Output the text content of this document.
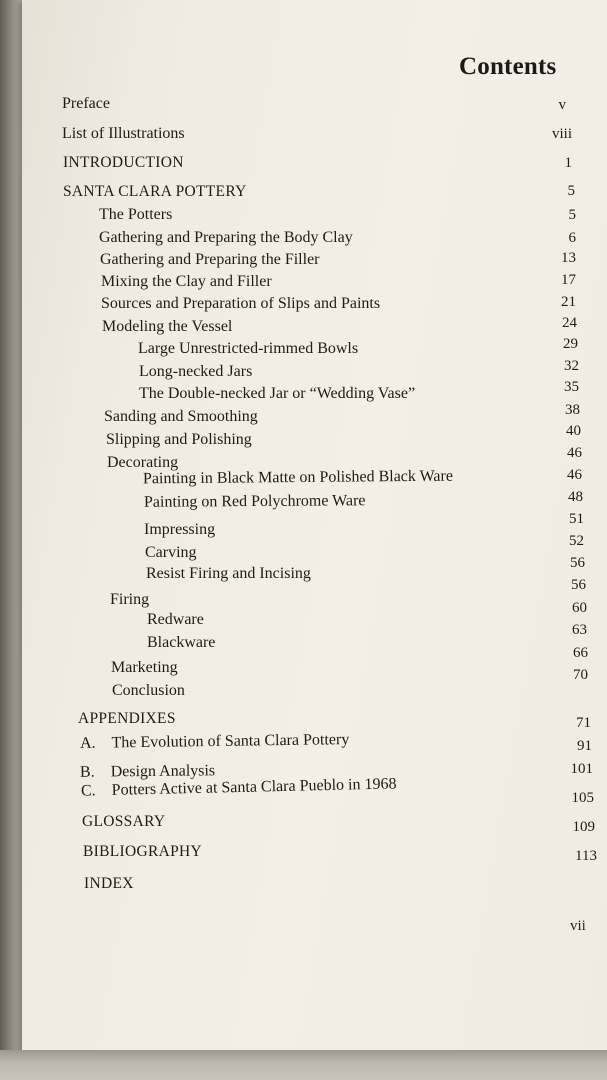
Contents
Preface
List of Illustrations
INTRODUCTION
SANTA CLARA POTTERY
The Potters
Gathering and Preparing the Body Clay
Gathering and Preparing the Filler
Mixing the Clay and Filler
Sources and Preparation of Slips and Paints
Modeling the Vessel
Large Unrestricted-rimmed Bowls
Long-necked Jars
The Double-necked Jar or “Wedding Vase”
Sanding and Smoothing
Slipping and Polishing
Decorating
Painting in Black Matte on Polished Black Ware
Painting on Red Polychrome Ware
Impressing
Carving
Resist Firing and Incising
Firing
Redware
Blackware
Marketing
Conclusion
APPENDIXES
A. The Evolution of Santa Clara Pottery
B. Design Analysis
C. Potters Active at Santa Clara Pueblo in 1968
GLOSSARY
BIBLIOGRAPHY
INDEX
v
viii
1
5
5
6
13
17
21
24
29
32
35
38
40
46
46
48
51
52
56
56
60
63
66
70
71
91
101
105
109
113
vii
